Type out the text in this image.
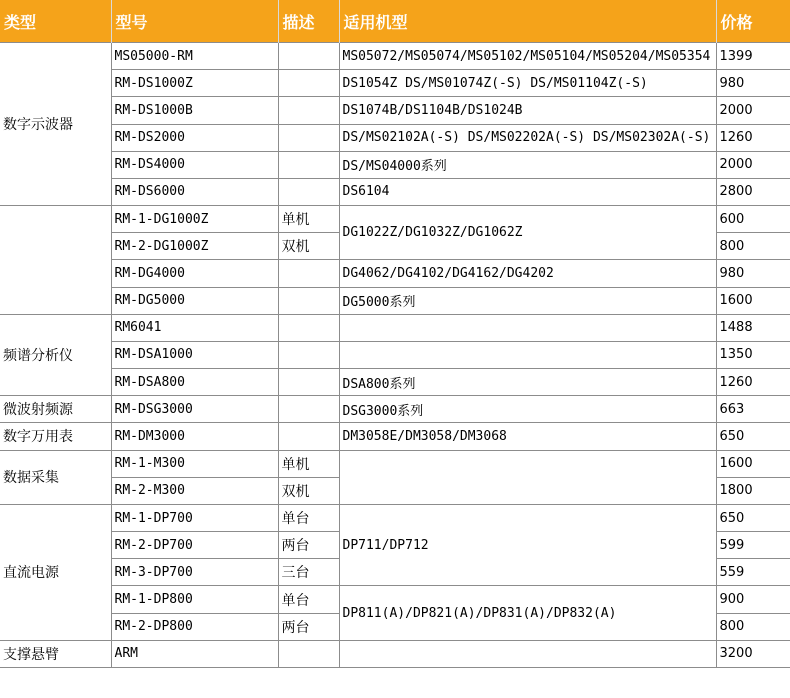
类型	型号	描述	适用机型	价格
数字示波器	MS05000-RM		MS05072/MS05074/MS05102/MS05104/MS05204/MS05354	1399
	RM-DS1000Z		DS1054Z DS/MS01074Z(-S) DS/MS01104Z(-S)	980
	RM-DS1000B		DS1074B/DS1104B/DS1024B	2000
	RM-DS2000		DS/MS02102A(-S) DS/MS02202A(-S) DS/MS02302A(-S)	1260
	RM-DS4000		DS/MS04000系列	2000
	RM-DS6000		DS6104	2800
	RM-1-DG1000Z	单机	DG1022Z/DG1032Z/DG1062Z	600
	RM-2-DG1000Z	双机		800
	RM-DG4000		DG4062/DG4102/DG4162/DG4202	980
	RM-DG5000		DG5000系列	1600
频谱分析仪	RM6041			1488
	RM-DSA1000			1350
	RM-DSA800		DSA800系列	1260
微波射频源	RM-DSG3000		DSG3000系列	663
数字万用表	RM-DM3000		DM3058E/DM3058/DM3068	650
数据采集	RM-1-M300	单机		1600
	RM-2-M300	双机		1800
直流电源	RM-1-DP700	单台	DP711/DP712	650
	RM-2-DP700	两台		599
	RM-3-DP700	三台		559
	RM-1-DP800	单台	DP811(A)/DP821(A)/DP831(A)/DP832(A)	900
	RM-2-DP800	两台		800
支撑悬臂	ARM			3200
